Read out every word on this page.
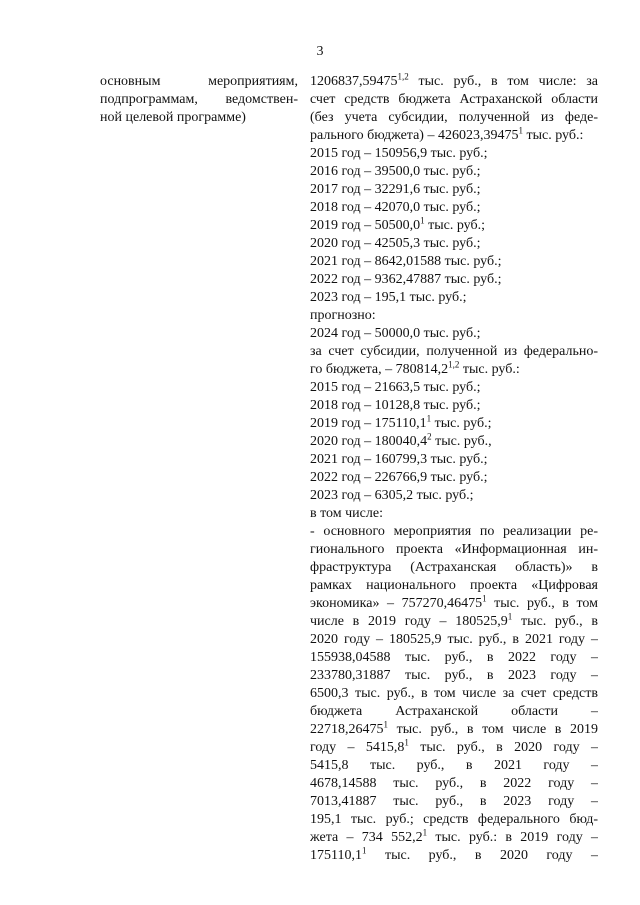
3
основным мероприятиям,
подпрограммам, ведомствен-
ной целевой программе)
1206837,59475$^{1,2}$ тыс. руб., в том числе: за
счет средств бюджета Астраханской области
(без учета субсидии, полученной из феде-
рального бюджета) – 426023,39475$^1$ тыс. руб.:
2015 год – 150956,9 тыс. руб.;
2016 год – 39500,0 тыс. руб.;
2017 год – 32291,6 тыс. руб.;
2018 год – 42070,0 тыс. руб.;
2019 год – 50500,0$^1$ тыс. руб.;
2020 год – 42505,3 тыс. руб.;
2021 год – 8642,01588 тыс. руб.;
2022 год – 9362,47887 тыс. руб.;
2023 год – 195,1 тыс. руб.;
прогнозно:
2024 год – 50000,0 тыс. руб.;
за счет субсидии, полученной из федерально-
го бюджета, – 780814,2$^{1,2}$ тыс. руб.:
2015 год – 21663,5 тыс. руб.;
2018 год – 10128,8 тыс. руб.;
2019 год – 175110,1$^1$ тыс. руб.;
2020 год – 180040,4$^2$ тыс. руб.,
2021 год – 160799,3 тыс. руб.;
2022 год – 226766,9 тыс. руб.;
2023 год – 6305,2 тыс. руб.;
в том числе:
- основного мероприятия по реализации ре-
гионального проекта «Информационная ин-
фраструктура (Астраханская область)» в
рамках национального проекта «Цифровая
экономика» – 757270,46475$^1$ тыс. руб., в том
числе в 2019 году – 180525,9$^1$ тыс. руб., в
2020 году – 180525,9 тыс. руб., в 2021 году –
155938,04588 тыс. руб., в 2022 году –
233780,31887 тыс. руб., в 2023 году –
6500,3 тыс. руб., в том числе за счет средств
бюджета Астраханской области –
22718,26475$^1$ тыс. руб., в том числе в 2019
году – 5415,8$^1$ тыс. руб., в 2020 году –
5415,8 тыс. руб., в 2021 году –
4678,14588 тыс. руб., в 2022 году –
7013,41887 тыс. руб., в 2023 году –
195,1 тыс. руб.; средств федерального бюд-
жета – 734 552,2$^1$ тыс. руб.: в 2019 году –
175110,1$^1$ тыс. руб., в 2020 году –
